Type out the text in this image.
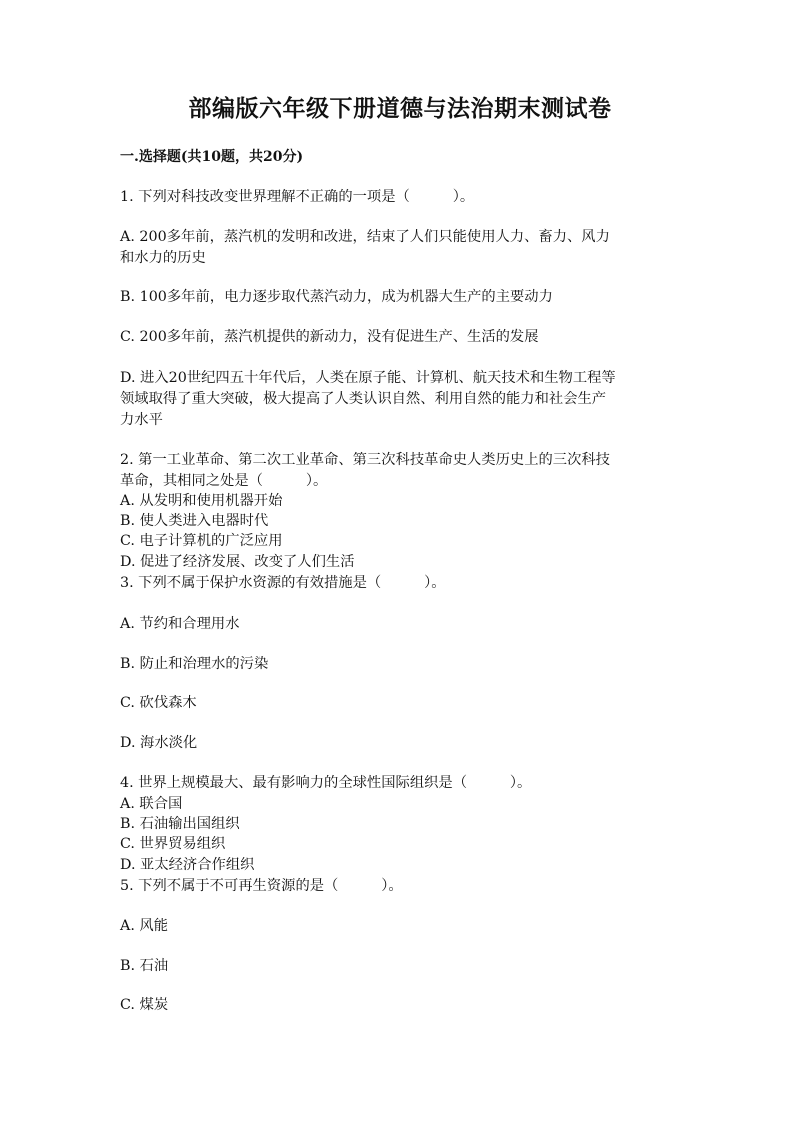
部编版六年级下册道德与法治期末测试卷
一.选择题(共10题，共20分)
1. 下列对科技改变世界理解不正确的一项是（　　　）。
A. 200多年前，蒸汽机的发明和改进，结束了人们只能使用人力、畜力、风力
和水力的历史
B. 100多年前，电力逐步取代蒸汽动力，成为机器大生产的主要动力
C. 200多年前，蒸汽机提供的新动力，没有促进生产、生活的发展
D. 进入20世纪四五十年代后，人类在原子能、计算机、航天技术和生物工程等
领域取得了重大突破，极大提高了人类认识自然、利用自然的能力和社会生产
力水平
2. 第一工业革命、第二次工业革命、第三次科技革命史人类历史上的三次科技
革命，其相同之处是（　　　）。
A. 从发明和使用机器开始
B. 使人类进入电器时代
C. 电子计算机的广泛应用
D. 促进了经济发展、改变了人们生活
3. 下列不属于保护水资源的有效措施是（　　　）。
A. 节约和合理用水
B. 防止和治理水的污染
C. 砍伐森木
D. 海水淡化
4. 世界上规模最大、最有影响力的全球性国际组织是（　　　）。
A. 联合国
B. 石油输出国组织
C. 世界贸易组织
D. 亚太经济合作组织
5. 下列不属于不可再生资源的是（　　　）。
A. 风能
B. 石油
C. 煤炭
